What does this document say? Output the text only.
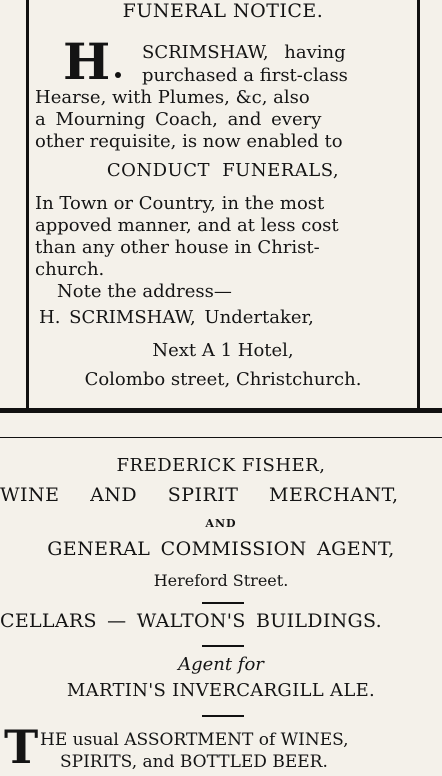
FUNERAL NOTICE.
H SCRIMSHAW, having
purchased a first-class
Hearse, with Plumes, &c, also
a Mourning Coach, and every
other requisite, is now enabled to
CONDUCT FUNERALS,
In Town or Country, in the most
appoved manner, and at less cost
than any other house in Christ-
church.
Note the address—
H. SCRIMSHAW, Undertaker,
Next A 1 Hotel,
Colombo street, Christchurch.
FREDERICK FISHER,
WINE AND SPIRIT MERCHANT,
AND
GENERAL COMMISSION AGENT,
Hereford Street.
CELLARS — WALTON'S BUILDINGS.
Agent for
MARTIN'S INVERCARGILL ALE.
T HE usual ASSORTMENT of WINES,
SPIRITS, and BOTTLED BEER.
